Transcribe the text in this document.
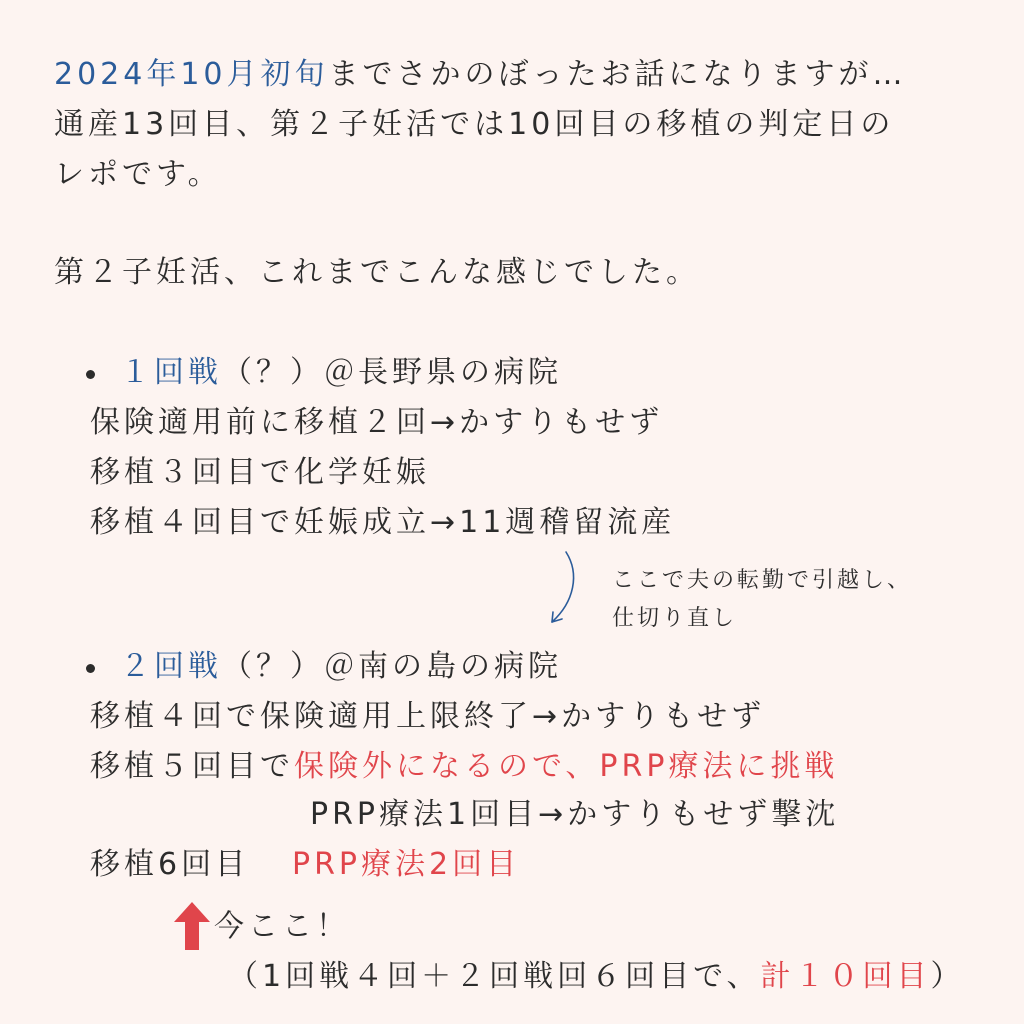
2024年10月初旬までさかのぼったお話になりますが…
通産13回目、第２子妊活では10回目の移植の判定日の
レポです。
第２子妊活、これまでこんな感じでした。
１回戦（？）＠長野県の病院
保険適用前に移植２回→かすりもせず
移植３回目で化学妊娠
移植４回目で妊娠成立→11週稽留流産
ここで夫の転勤で引越し、
仕切り直し
２回戦（？）＠南の島の病院
移植４回で保険適用上限終了→かすりもせず
移植５回目で保険外になるので、PRP療法に挑戦
PRP療法1回目→かすりもせず撃沈
移植6回目 PRP療法2回目
今ここ！
（1回戦４回＋２回戦回６回目で、計１０回目）
